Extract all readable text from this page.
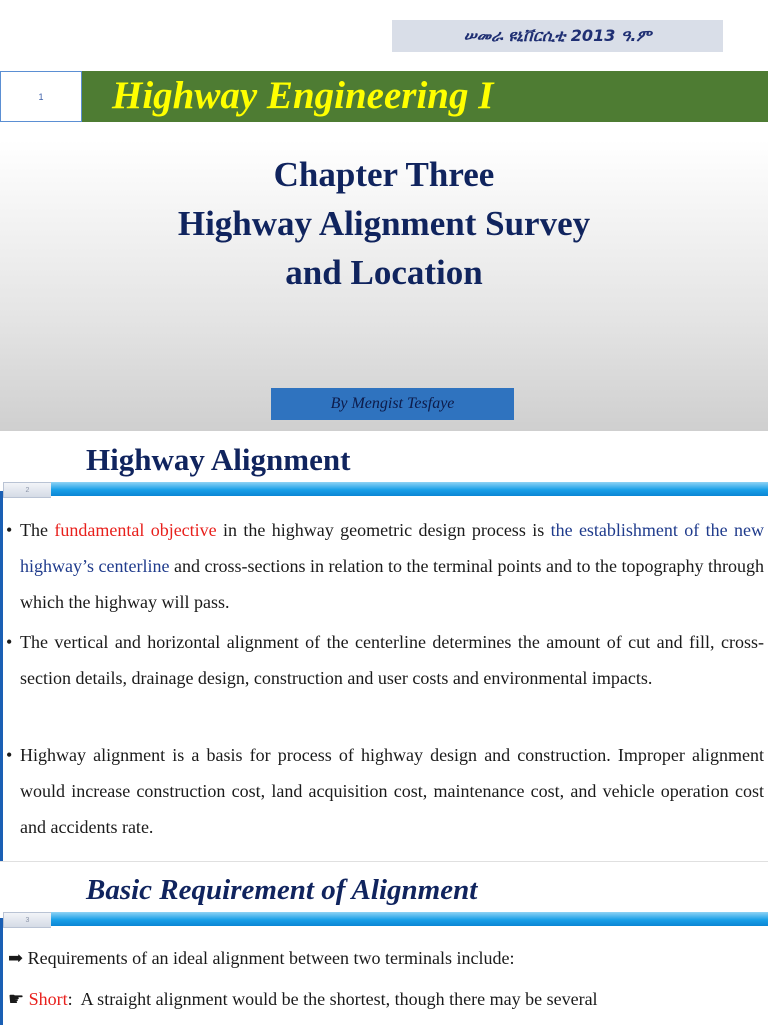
ሠመራ ዩኒቨርሲቲ 2013 ዓ.ም
1 Highway Engineering I
Chapter Three
Highway Alignment Survey
and Location
By Mengist Tesfaye
Highway Alignment
2
• The fundamental objective in the highway geometric design process is the establishment of the new highway’s centerline and cross-sections in relation to the terminal points and to the topography through which the highway will pass.
• The vertical and horizontal alignment of the centerline determines the amount of cut and fill, cross-section details, drainage design, construction and user costs and environmental impacts.
• Highway alignment is a basis for process of highway design and construction. Improper alignment would increase construction cost, land acquisition cost, maintenance cost, and vehicle operation cost and accidents rate.
Basic Requirement of Alignment
3
➡ Requirements of an ideal alignment between two terminals include:
☛ Short:  A straight alignment would be the shortest, though there may be several
